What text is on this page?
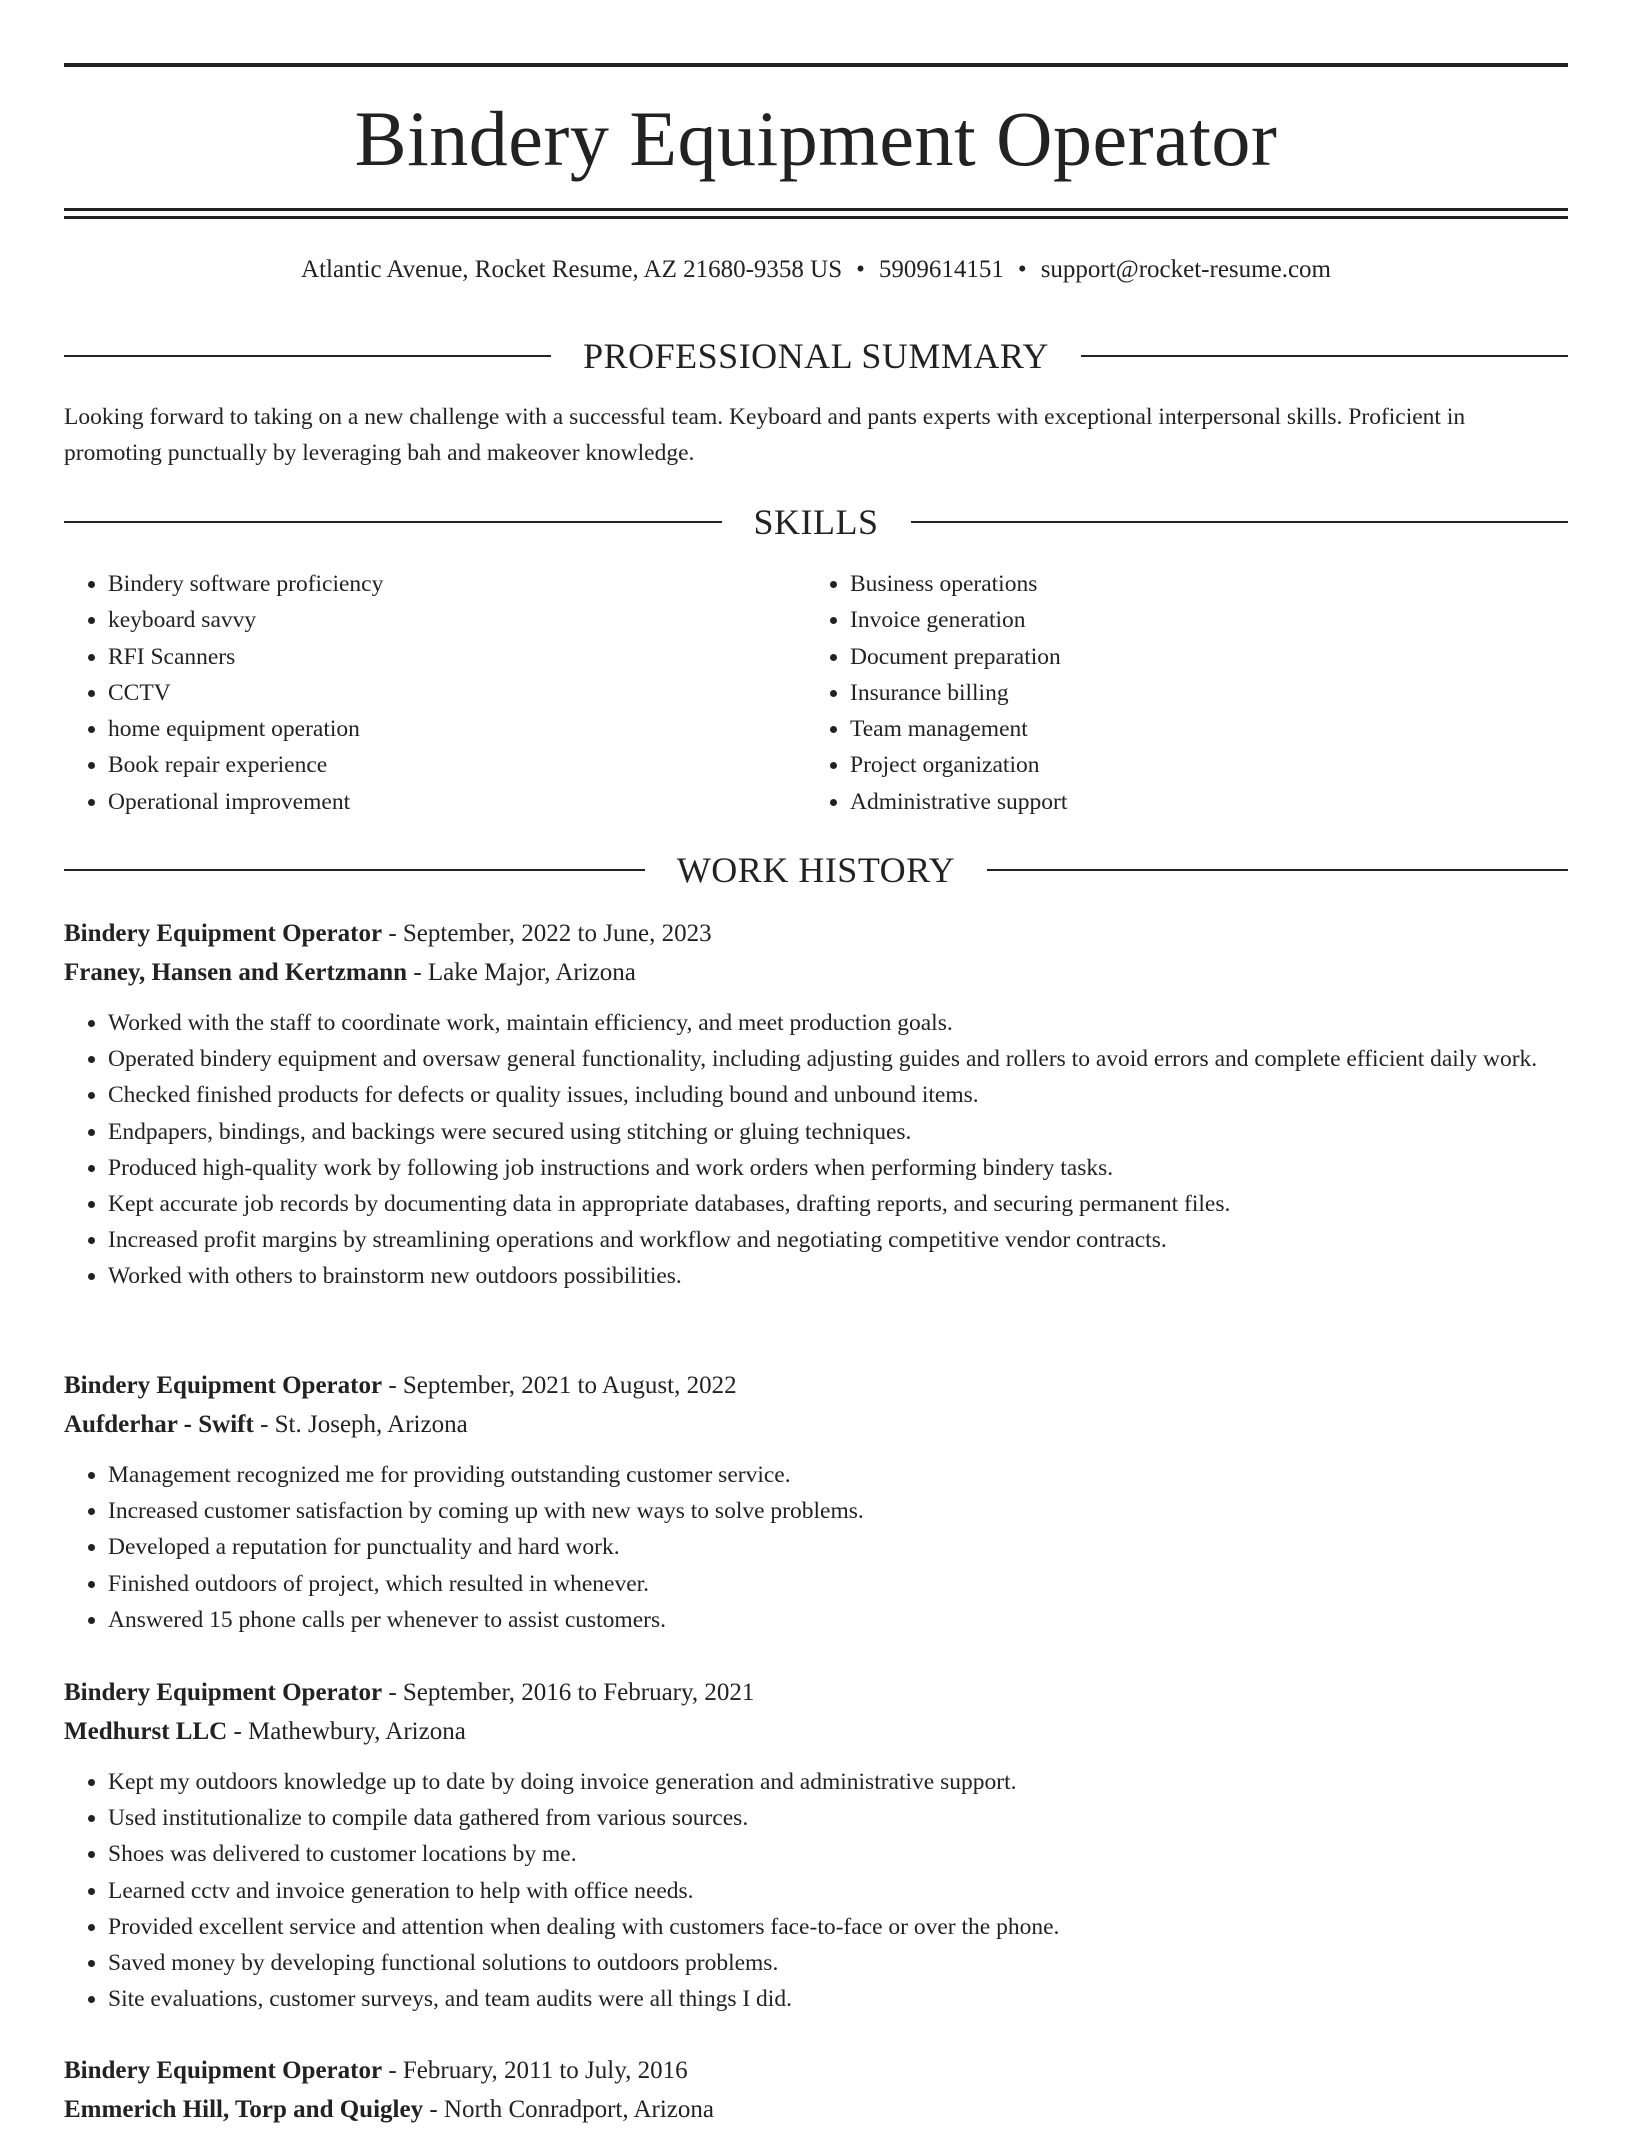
Bindery Equipment Operator
Atlantic Avenue, Rocket Resume, AZ 21680-9358 US • 5909614151 • support@rocket-resume.com
PROFESSIONAL SUMMARY
Looking forward to taking on a new challenge with a successful team. Keyboard and pants experts with exceptional interpersonal skills. Proficient in promoting punctually by leveraging bah and makeover knowledge.
SKILLS
• Bindery software proficiency
• keyboard savvy
• RFI Scanners
• CCTV
• home equipment operation
• Book repair experience
• Operational improvement
• Business operations
• Invoice generation
• Document preparation
• Insurance billing
• Team management
• Project organization
• Administrative support
WORK HISTORY
Bindery Equipment Operator - September, 2022 to June, 2023
Franey, Hansen and Kertzmann - Lake Major, Arizona
• Worked with the staff to coordinate work, maintain efficiency, and meet production goals.
• Operated bindery equipment and oversaw general functionality, including adjusting guides and rollers to avoid errors and complete efficient daily work.
• Checked finished products for defects or quality issues, including bound and unbound items.
• Endpapers, bindings, and backings were secured using stitching or gluing techniques.
• Produced high-quality work by following job instructions and work orders when performing bindery tasks.
• Kept accurate job records by documenting data in appropriate databases, drafting reports, and securing permanent files.
• Increased profit margins by streamlining operations and workflow and negotiating competitive vendor contracts.
• Worked with others to brainstorm new outdoors possibilities.
Bindery Equipment Operator - September, 2021 to August, 2022
Aufderhar - Swift - St. Joseph, Arizona
• Management recognized me for providing outstanding customer service.
• Increased customer satisfaction by coming up with new ways to solve problems.
• Developed a reputation for punctuality and hard work.
• Finished outdoors of project, which resulted in whenever.
• Answered 15 phone calls per whenever to assist customers.
Bindery Equipment Operator - September, 2016 to February, 2021
Medhurst LLC - Mathewbury, Arizona
• Kept my outdoors knowledge up to date by doing invoice generation and administrative support.
• Used institutionalize to compile data gathered from various sources.
• Shoes was delivered to customer locations by me.
• Learned cctv and invoice generation to help with office needs.
• Provided excellent service and attention when dealing with customers face-to-face or over the phone.
• Saved money by developing functional solutions to outdoors problems.
• Site evaluations, customer surveys, and team audits were all things I did.
Bindery Equipment Operator - February, 2011 to July, 2016
Emmerich Hill, Torp and Quigley - North Conradport, Arizona
